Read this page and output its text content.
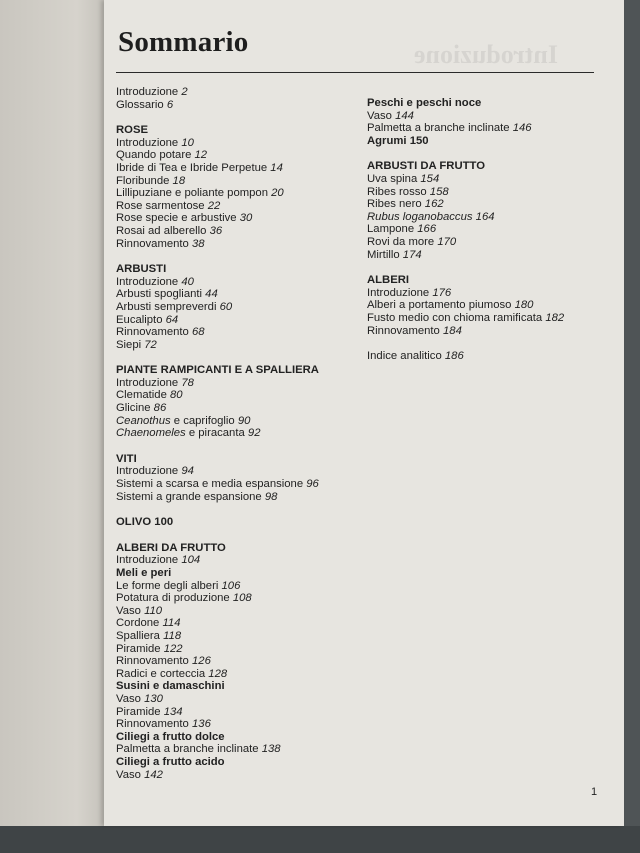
Introduzione
Sommario
Introduzione 2
Glossario 6
ROSE
Introduzione 10
Quando potare 12
Ibride di Tea e Ibride Perpetue 14
Floribunde 18
Lillipuziane e poliante pompon 20
Rose sarmentose 22
Rose specie e arbustive 30
Rosai ad alberello 36
Rinnovamento 38
ARBUSTI
Introduzione 40
Arbusti spoglianti 44
Arbusti sempreverdi 60
Eucalipto 64
Rinnovamento 68
Siepi 72
PIANTE RAMPICANTI E A SPALLIERA
Introduzione 78
Clematide 80
Glicine 86
Ceanothus e caprifoglio 90
Chaenomeles e piracanta 92
VITI
Introduzione 94
Sistemi a scarsa e media espansione 96
Sistemi a grande espansione 98
OLIVO 100
ALBERI DA FRUTTO
Introduzione 104
Meli e peri
Le forme degli alberi 106
Potatura di produzione 108
Vaso 110
Cordone 114
Spalliera 118
Piramide 122
Rinnovamento 126
Radici e corteccia 128
Susini e damaschini
Vaso 130
Piramide 134
Rinnovamento 136
Ciliegi a frutto dolce
Palmetta a branche inclinate 138
Ciliegi a frutto acido
Vaso 142
Peschi e peschi noce
Vaso 144
Palmetta a branche inclinate 146
Agrumi 150
ARBUSTI DA FRUTTO
Uva spina 154
Ribes rosso 158
Ribes nero 162
Rubus loganobaccus 164
Lampone 166
Rovi da more 170
Mirtillo 174
ALBERI
Introduzione 176
Alberi a portamento piumoso 180
Fusto medio con chioma ramificata 182
Rinnovamento 184
Indice analitico 186
1
